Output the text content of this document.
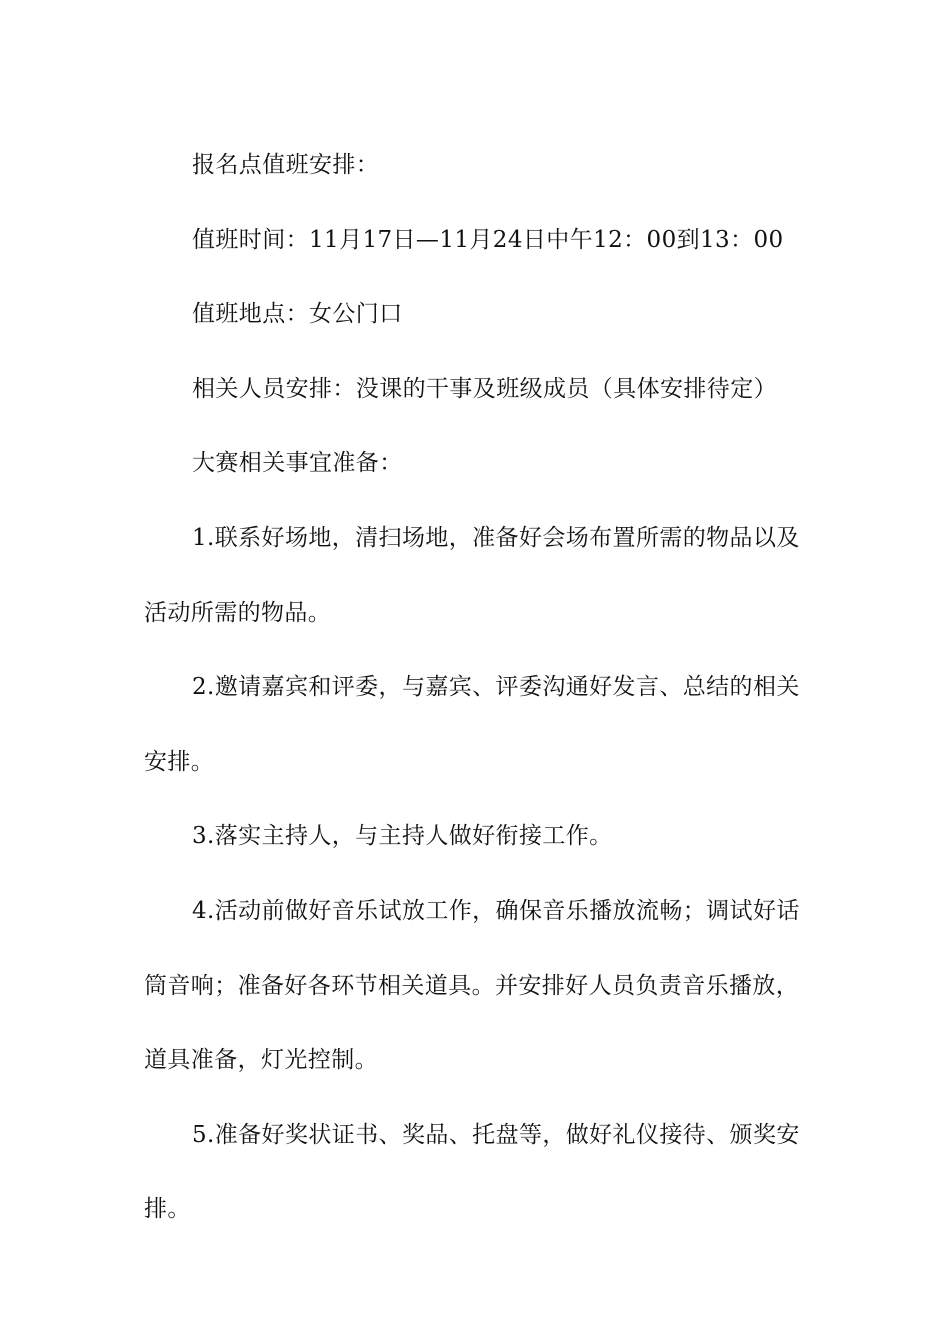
报名点值班安排：

值班时间：11月17日—11月24日中午12：00到13：00

值班地点：女公门口

相关人员安排：没课的干事及班级成员（具体安排待定）

大赛相关事宜准备：

1.联系好场地，清扫场地，准备好会场布置所需的物品以及活动所需的物品。

2.邀请嘉宾和评委，与嘉宾、评委沟通好发言、总结的相关安排。

3.落实主持人，与主持人做好衔接工作。

4.活动前做好音乐试放工作，确保音乐播放流畅；调试好话筒音响；准备好各环节相关道具。并安排好人员负责音乐播放，道具准备，灯光控制。

5.准备好奖状证书、奖品、托盘等，做好礼仪接待、颁奖安排。
